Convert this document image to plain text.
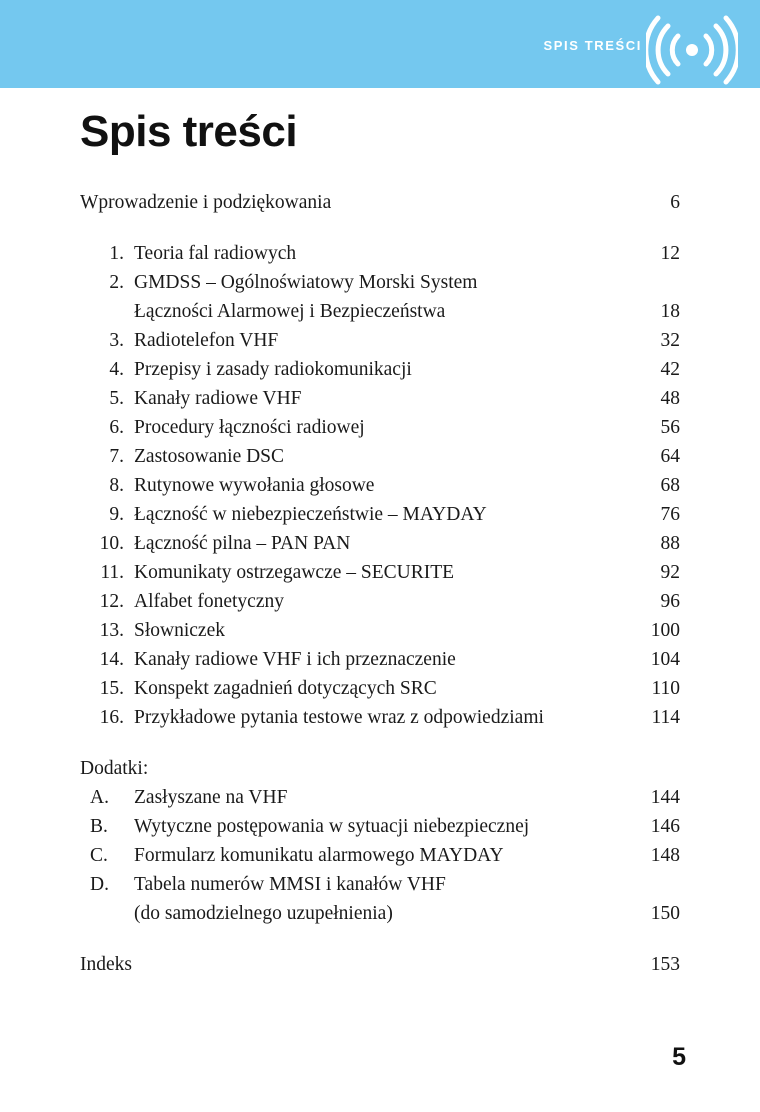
SPIS TREŚCI
Spis treści
Wprowadzenie i podziękowania	6
1. Teoria fal radiowych	12
2. GMDSS – Ogólnoświatowy Morski System
Łączności Alarmowej i Bezpieczeństwa	18
3. Radiotelefon VHF	32
4. Przepisy i zasady radiokomunikacji	42
5. Kanały radiowe VHF	48
6. Procedury łączności radiowej	56
7. Zastosowanie DSC	64
8. Rutynowe wywołania głosowe	68
9. Łączność w niebezpieczeństwie – MAYDAY	76
10. Łączność pilna – PAN PAN	88
11. Komunikaty ostrzegawcze – SECURITE	92
12. Alfabet fonetyczny	96
13. Słowniczek	100
14. Kanały radiowe VHF i ich przeznaczenie	104
15. Konspekt zagadnień dotyczących SRC	110
16. Przykładowe pytania testowe wraz z odpowiedziami	114
Dodatki:
A.	Zasłyszane na VHF	144
B.	Wytyczne postępowania w sytuacji niebezpiecznej	146
C.	Formularz komunikatu alarmowego MAYDAY	148
D.	Tabela numerów MMSI i kanałów VHF
(do samodzielnego uzupełnienia)	150
Indeks	153
5
